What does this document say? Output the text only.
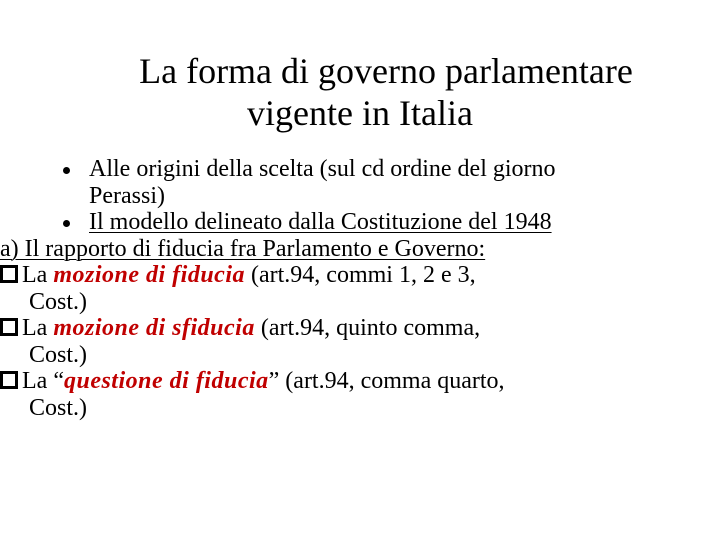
La forma di governo parlamentare
vigente in Italia
Alle origini della scelta (sul cd ordine del giorno
Perassi)
Il modello delineato dalla Costituzione del 1948
a) Il rapporto di fiducia fra Parlamento e Governo:
La mozione di fiducia (art.94, commi 1, 2 e 3,
Cost.)
La mozione di sfiducia (art.94, quinto comma,
Cost.)
La “questione di fiducia” (art.94, comma quarto,
Cost.)
